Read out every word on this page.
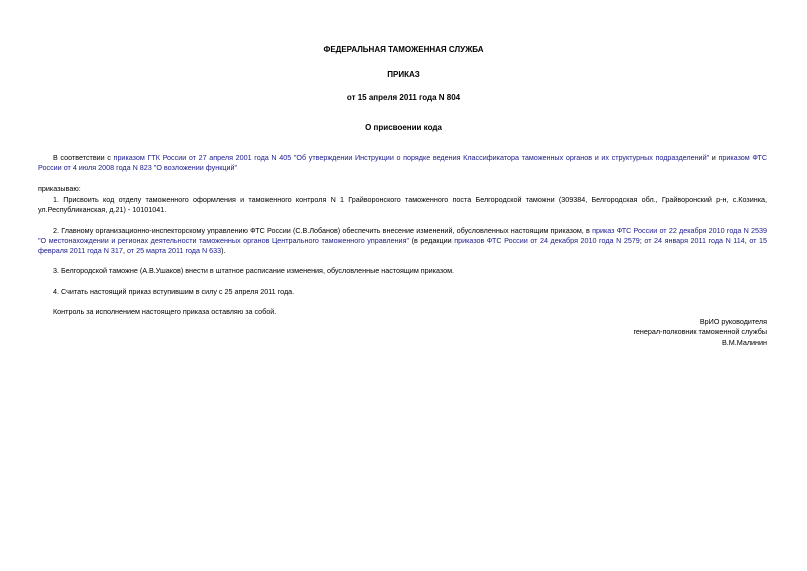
ФЕДЕРАЛЬНАЯ ТАМОЖЕННАЯ СЛУЖБА
ПРИКАЗ
от 15 апреля 2011 года N 804
О присвоении кода
В соответствии с приказом ГТК России от 27 апреля 2001 года N 405 "Об утверждении Инструкции о порядке ведения Классификатора таможенных органов и их структурных подразделений" и приказом ФТС России от 4 июля 2008 года N 823 "О возложении функций"
приказываю:
1. Присвоить код отделу таможенного оформления и таможенного контроля N 1 Грайворонского таможенного поста Белгородской таможни (309384, Белгородская обл., Грайворонский р-н, с.Козинка, ул.Республиканская, д.21) - 10101041.
2. Главному организационно-инспекторскому управлению ФТС России (С.В.Лобанов) обеспечить внесение изменений, обусловленных настоящим приказом, в приказ ФТС России от 22 декабря 2010 года N 2539 "О местонахождении и регионах деятельности таможенных органов Центрального таможенного управления" (в редакции приказов ФТС России от 24 декабря 2010 года N 2579; от 24 января 2011 года N 114, от 15 февраля 2011 года N 317, от 25 марта 2011 года N 633).
3. Белгородской таможне (А.В.Ушаков) внести в штатное расписание изменения, обусловленные настоящим приказом.
4. Считать настоящий приказ вступившим в силу с 25 апреля 2011 года.
Контроль за исполнением настоящего приказа оставляю за собой.
ВрИО руководителя
генерал-полковник таможенной службы
В.М.Малинин
